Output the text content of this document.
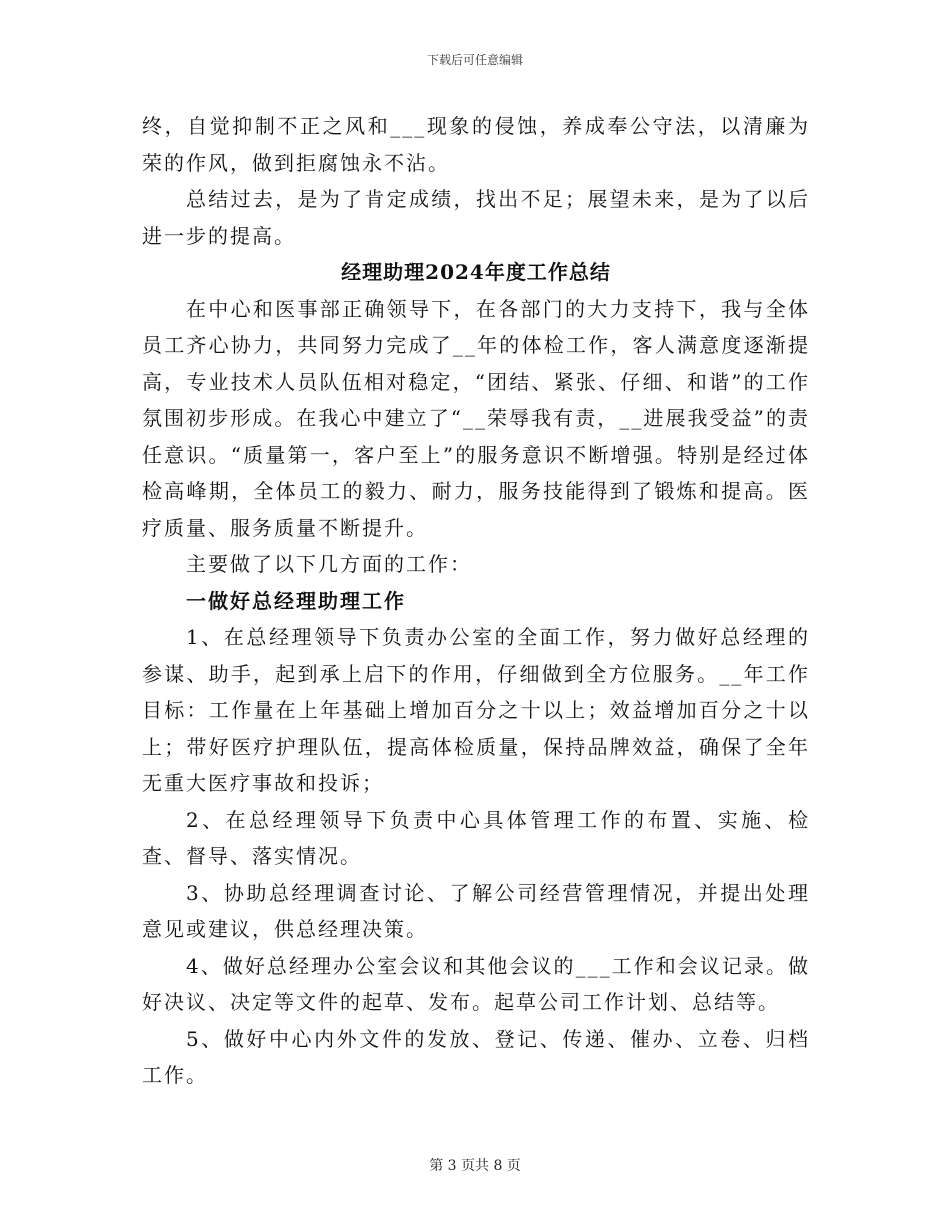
下载后可任意编辑

终，自觉抑制不正之风和___现象的侵蚀，养成奉公守法，以清廉为荣的作风，做到拒腐蚀永不沾。

总结过去，是为了肯定成绩，找出不足；展望未来，是为了以后进一步的提高。

经理助理2024年度工作总结

在中心和医事部正确领导下，在各部门的大力支持下，我与全体员工齐心协力，共同努力完成了__年的体检工作，客人满意度逐渐提高，专业技术人员队伍相对稳定，“团结、紧张、仔细、和谐”的工作氛围初步形成。在我心中建立了“__荣辱我有责，__进展我受益”的责任意识。“质量第一，客户至上”的服务意识不断增强。特别是经过体检高峰期，全体员工的毅力、耐力，服务技能得到了锻炼和提高。医疗质量、服务质量不断提升。

主要做了以下几方面的工作：

一做好总经理助理工作

1、在总经理领导下负责办公室的全面工作，努力做好总经理的参谋、助手，起到承上启下的作用，仔细做到全方位服务。__年工作目标：工作量在上年基础上增加百分之十以上；效益增加百分之十以上；带好医疗护理队伍，提高体检质量，保持品牌效益，确保了全年无重大医疗事故和投诉；

2、在总经理领导下负责中心具体管理工作的布置、实施、检查、督导、落实情况。

3、协助总经理调查讨论、了解公司经营管理情况，并提出处理意见或建议，供总经理决策。

4、做好总经理办公室会议和其他会议的___工作和会议记录。做好决议、决定等文件的起草、发布。起草公司工作计划、总结等。

5、做好中心内外文件的发放、登记、传递、催办、立卷、归档工作。

第 3 页共 8 页
